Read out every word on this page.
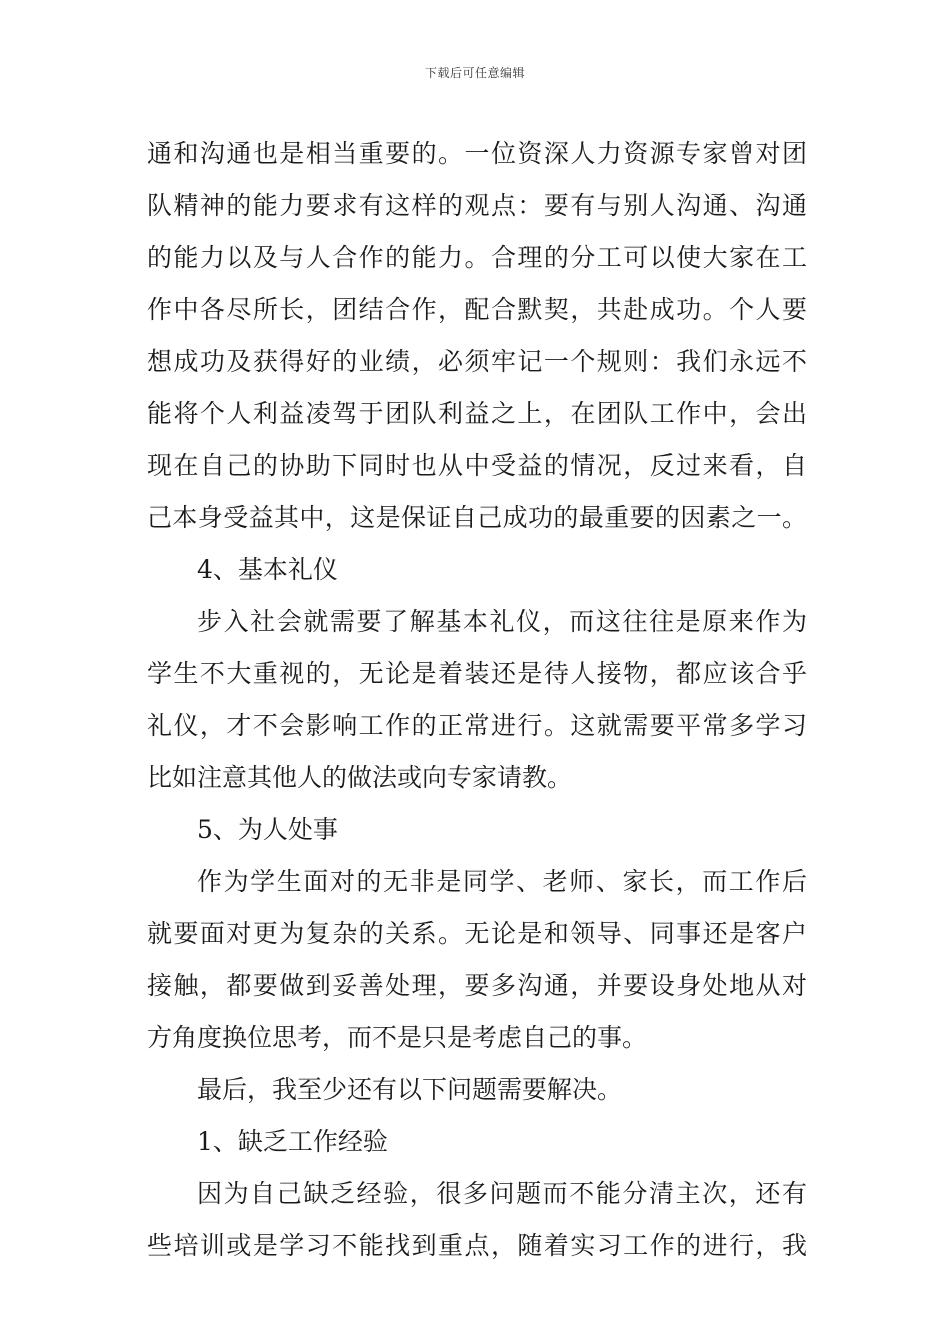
下载后可任意编辑
通和沟通也是相当重要的。一位资深人力资源专家曾对团
队精神的能力要求有这样的观点：要有与别人沟通、沟通
的能力以及与人合作的能力。合理的分工可以使大家在工
作中各尽所长，团结合作，配合默契，共赴成功。个人要
想成功及获得好的业绩，必须牢记一个规则：我们永远不
能将个人利益凌驾于团队利益之上，在团队工作中，会出
现在自己的协助下同时也从中受益的情况，反过来看，自
己本身受益其中，这是保证自己成功的最重要的因素之一。
4、基本礼仪
步入社会就需要了解基本礼仪，而这往往是原来作为
学生不大重视的，无论是着装还是待人接物，都应该合乎
礼仪，才不会影响工作的正常进行。这就需要平常多学习
比如注意其他人的做法或向专家请教。
5、为人处事
作为学生面对的无非是同学、老师、家长，而工作后
就要面对更为复杂的关系。无论是和领导、同事还是客户
接触，都要做到妥善处理，要多沟通，并要设身处地从对
方角度换位思考，而不是只是考虑自己的事。
最后，我至少还有以下问题需要解决。
1、缺乏工作经验
因为自己缺乏经验，很多问题而不能分清主次，还有
些培训或是学习不能找到重点，随着实习工作的进行，我
